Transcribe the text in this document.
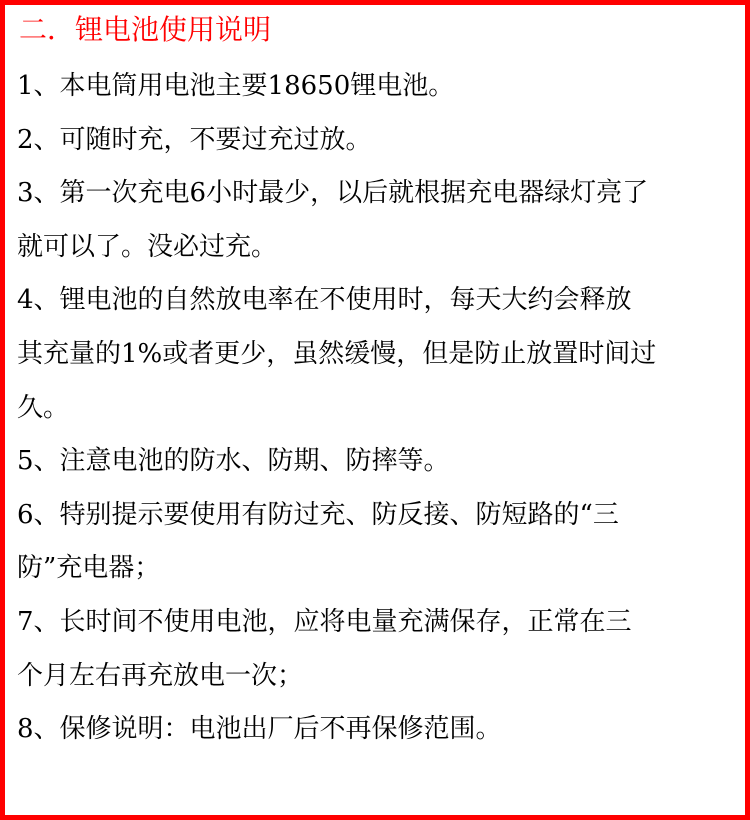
二．锂电池使用说明
1、本电筒用电池主要18650锂电池。
2、可随时充，不要过充过放。
3、第一次充电6小时最少，以后就根据充电器绿灯亮了
就可以了。没必过充。
4、锂电池的自然放电率在不使用时，每天大约会释放
其充量的1%或者更少，虽然缓慢，但是防止放置时间过
久。
5、注意电池的防水、防期、防摔等。
6、特别提示要使用有防过充、防反接、防短路的“三
防”充电器；
7、长时间不使用电池，应将电量充满保存，正常在三
个月左右再充放电一次；
8、保修说明：电池出厂后不再保修范围。
